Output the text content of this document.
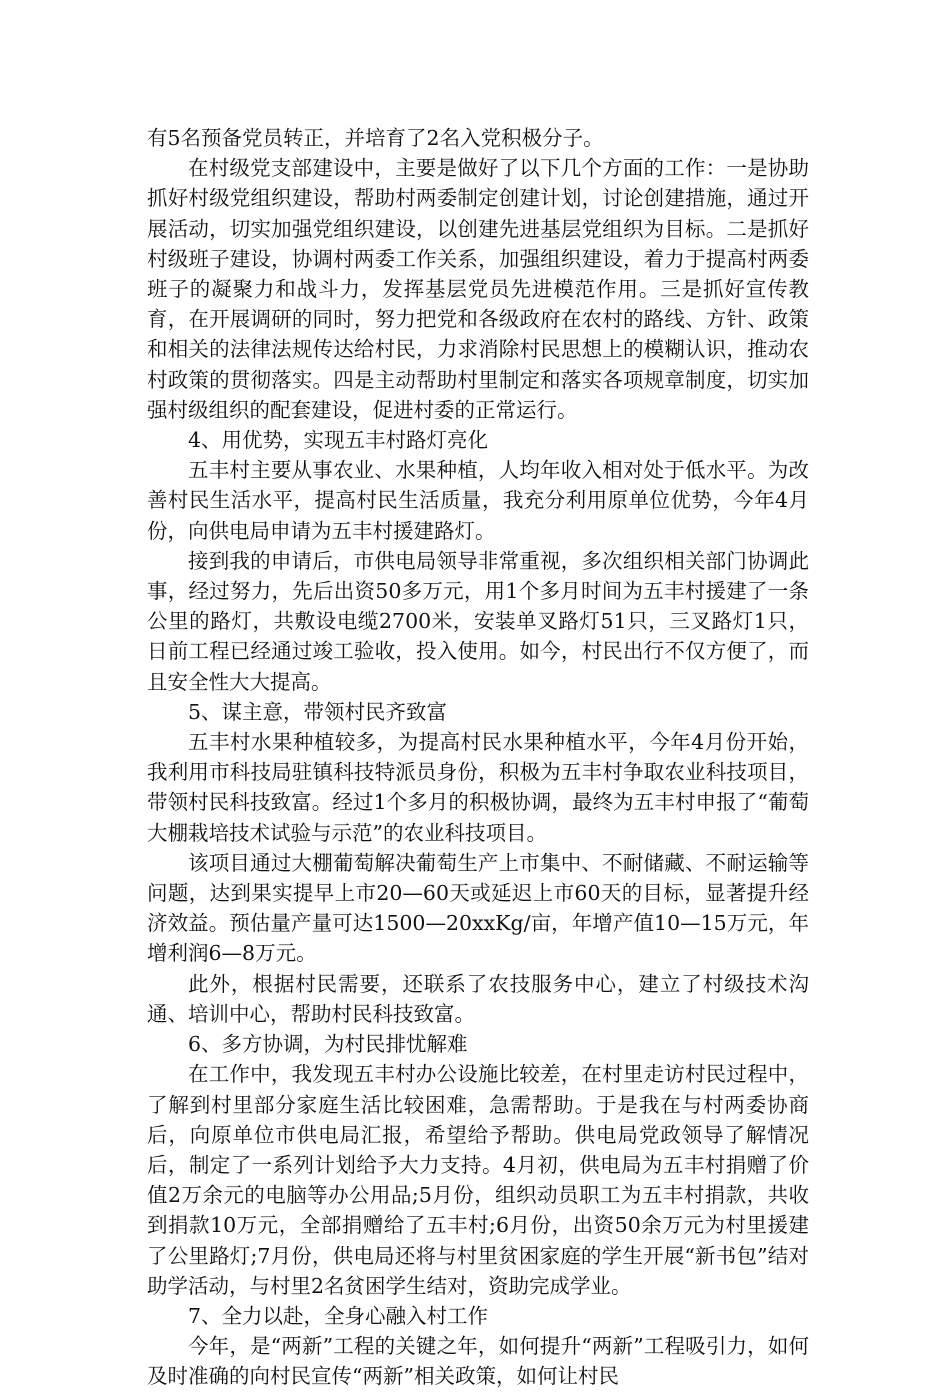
有5名预备党员转正，并培育了2名入党积极分子。

在村级党支部建设中，主要是做好了以下几个方面的工作：一是协助抓好村级党组织建设，帮助村两委制定创建计划，讨论创建措施，通过开展活动，切实加强党组织建设，以创建先进基层党组织为目标。二是抓好村级班子建设，协调村两委工作关系，加强组织建设，着力于提高村两委班子的凝聚力和战斗力，发挥基层党员先进模范作用。三是抓好宣传教育，在开展调研的同时，努力把党和各级政府在农村的路线、方针、政策和相关的法律法规传达给村民，力求消除村民思想上的模糊认识，推动农村政策的贯彻落实。四是主动帮助村里制定和落实各项规章制度，切实加强村级组织的配套建设，促进村委的正常运行。

4、用优势，实现五丰村路灯亮化

五丰村主要从事农业、水果种植，人均年收入相对处于低水平。为改善村民生活水平，提高村民生活质量，我充分利用原单位优势，今年4月份，向供电局申请为五丰村援建路灯。

接到我的申请后，市供电局领导非常重视，多次组织相关部门协调此事，经过努力，先后出资50多万元，用1个多月时间为五丰村援建了一条公里的路灯，共敷设电缆2700米，安装单叉路灯51只，三叉路灯1只，日前工程已经通过竣工验收，投入使用。如今，村民出行不仅方便了，而且安全性大大提高。

5、谋主意，带领村民齐致富

五丰村水果种植较多，为提高村民水果种植水平，今年4月份开始，我利用市科技局驻镇科技特派员身份，积极为五丰村争取农业科技项目，带领村民科技致富。经过1个多月的积极协调，最终为五丰村申报了“葡萄大棚栽培技术试验与示范”的农业科技项目。

该项目通过大棚葡萄解决葡萄生产上市集中、不耐储藏、不耐运输等问题，达到果实提早上市20—60天或延迟上市60天的目标，显著提升经济效益。预估量产量可达1500—20xxKg/亩，年增产值10—15万元，年增利润6—8万元。

此外，根据村民需要，还联系了农技服务中心，建立了村级技术沟通、培训中心，帮助村民科技致富。

6、多方协调，为村民排忧解难

在工作中，我发现五丰村办公设施比较差，在村里走访村民过程中，了解到村里部分家庭生活比较困难，急需帮助。于是我在与村两委协商后，向原单位市供电局汇报，希望给予帮助。供电局党政领导了解情况后，制定了一系列计划给予大力支持。4月初，供电局为五丰村捐赠了价值2万余元的电脑等办公用品;5月份，组织动员职工为五丰村捐款，共收到捐款10万元，全部捐赠给了五丰村;6月份，出资50余万元为村里援建了公里路灯;7月份，供电局还将与村里贫困家庭的学生开展“新书包”结对助学活动，与村里2名贫困学生结对，资助完成学业。

7、全力以赴，全身心融入村工作

今年，是“两新”工程的关键之年，如何提升“两新”工程吸引力，如何及时准确的向村民宣传“两新”相关政策，如何让村民
